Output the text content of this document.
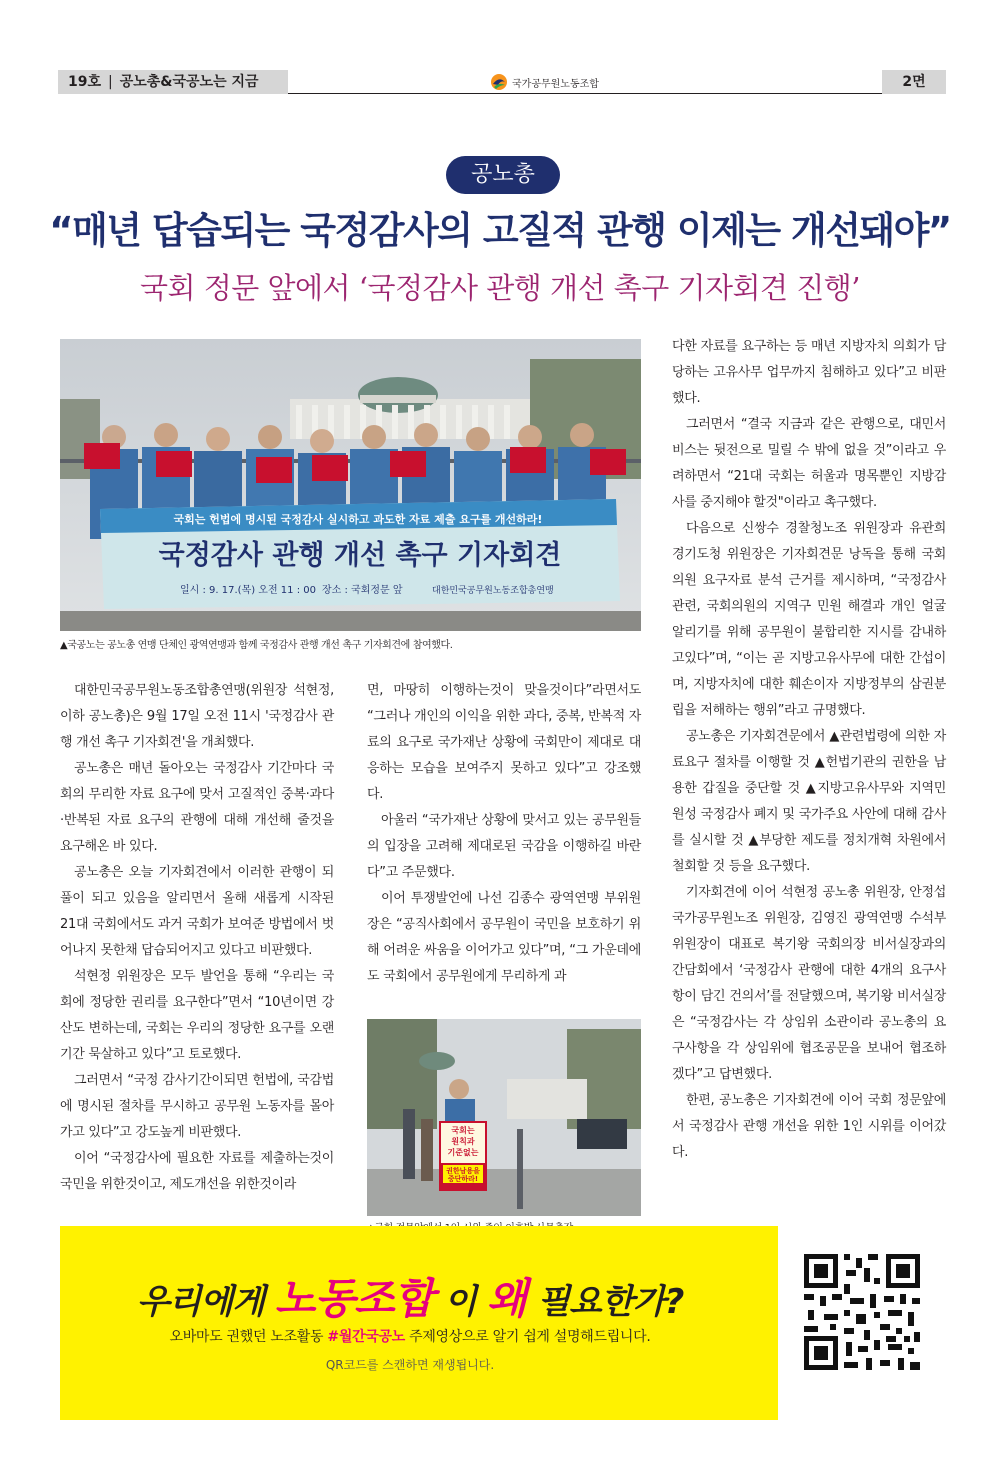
19호 | 공노총&국공노는 지금	국가공무원노동조합	2면
공노총
“매년 답습되는 국정감사의 고질적 관행 이제는 개선돼야”
국회 정문 앞에서 ‘국정감사 관행 개선 촉구 기자회견 진행’
국회는 헌법에 명시된 국정감사 실시하고 과도한 자료 제출 요구를 개선하라!
국정감사 관행 개선 촉구 기자회견
일시 : 9. 17.(목) 오전 11 : 00 장소 : 국회정문 앞	대한민국공무원노동조합총연맹
▲국공노는 공노총 연맹 단체인 광역연맹과 함께 국정감사 관행 개선 촉구 기자회견에 참여했다.
국회는
원칙과
기준없는
권한남용을
중단하라!

대한민국공무원노동조합총연맹(위원장 석현정, 이하 공노총)은 9월 17일 오전 11시 '국정감사 관행 개선 촉구 기자회견'을 개최했다.

공노총은 매년 돌아오는 국정감사 기간마다 국회의 무리한 자료 요구에 맞서 고질적인 중복·과다·반복된 자료 요구의 관행에 대해 개선해 줄것을 요구해온 바 있다.

공노총은 오늘 기자회견에서 이러한 관행이 되풀이 되고 있음을 알리면서 올해 새롭게 시작된 21대 국회에서도 과거 국회가 보여준 방법에서 벗어나지 못한채 답습되어지고 있다고 비판했다.

석현정 위원장은 모두 발언을 통해 “우리는 국회에 정당한 권리를 요구한다”면서 “10년이면 강산도 변하는데, 국회는 우리의 정당한 요구를 오랜기간 묵살하고 있다”고 토로했다.

그러면서 “국정 감사기간이되면 헌법에, 국감법에 명시된 절차를 무시하고 공무원 노동자를 몰아가고 있다”고 강도높게 비판했다.

이어 “국정감사에 필요한 자료를 제출하는것이 국민을 위한것이고, 제도개선을 위한것이라

면, 마땅히 이행하는것이 맞을것이다”라면서도 “그러나 개인의 이익을 위한 과다, 중복, 반복적 자료의 요구로 국가재난 상황에 국회만이 제대로 대응하는 모습을 보여주지 못하고 있다”고 강조했다.

아울러 “국가재난 상황에 맞서고 있는 공무원들의 입장을 고려해 제대로된 국감을 이행하길 바란다”고 주문했다.

이어 투쟁발언에 나선 김종수 광역연맹 부위원장은 “공직사회에서 공무원이 국민을 보호하기 위해 어려운 싸움을 이어가고 있다”며, “그 가운데에도 국회에서 공무원에게 무리하게 과

다한 자료를 요구하는 등 매년 지방자치 의회가 담당하는 고유사무 업무까지 침해하고 있다”고 비판했다.

그러면서 “결국 지금과 같은 관행으로, 대민서비스는 뒷전으로 밀릴 수 밖에 없을 것”이라고 우려하면서 “21대 국회는 허울과 명목뿐인 지방감사를 중지해야 할것"이라고 촉구했다.

다음으로 신쌍수 경찰청노조 위원장과 유관희 경기도청 위원장은 기자회견문 낭독을 통해 국회의원 요구자료 분석 근거를 제시하며, “국정감사 관련, 국회의원의 지역구 민원 해결과 개인 얼굴 알리기를 위해 공무원이 불합리한 지시를 감내하고있다”며, “이는 곧 지방고유사무에 대한 간섭이며, 지방자치에 대한 훼손이자 지방정부의 삼권분립을 저해하는 행위”라고 규명했다.

공노총은 기자회견문에서 ▲관련법령에 의한 자료요구 절차를 이행할 것 ▲헌법기관의 권한을 남용한 갑질을 중단할 것 ▲지방고유사무와 지역민원성 국정감사 폐지 및 국가주요 사안에 대해 감사를 실시할 것 ▲부당한 제도를 정치개혁 차원에서 철회할 것 등을 요구했다.

기자회견에 이어 석현정 공노총 위원장, 안정섭 국가공무원노조 위원장, 김영진 광역연맹 수석부위원장이 대표로 복기왕 국회의장 비서실장과의 간담회에서 ‘국정감사 관행에 대한 4개의 요구사항이 담긴 건의서’를 전달했으며, 복기왕 비서실장은 “국정감사는 각 상임위 소관이라 공노총의 요구사항을 각 상임위에 협조공문을 보내어 협조하겠다”고 답변했다.

한편, 공노총은 기자회견에 이어 국회 정문앞에서 국정감사 관행 개선을 위한 1인 시위를 이어갔다.

우리에게 노동조합 이 왜 필요한가?
오바마도 권했던 노조활동 #월간국공노 주제영상으로 알기 쉽게 설명해드립니다.
QR코드를 스캔하면 재생됩니다.
